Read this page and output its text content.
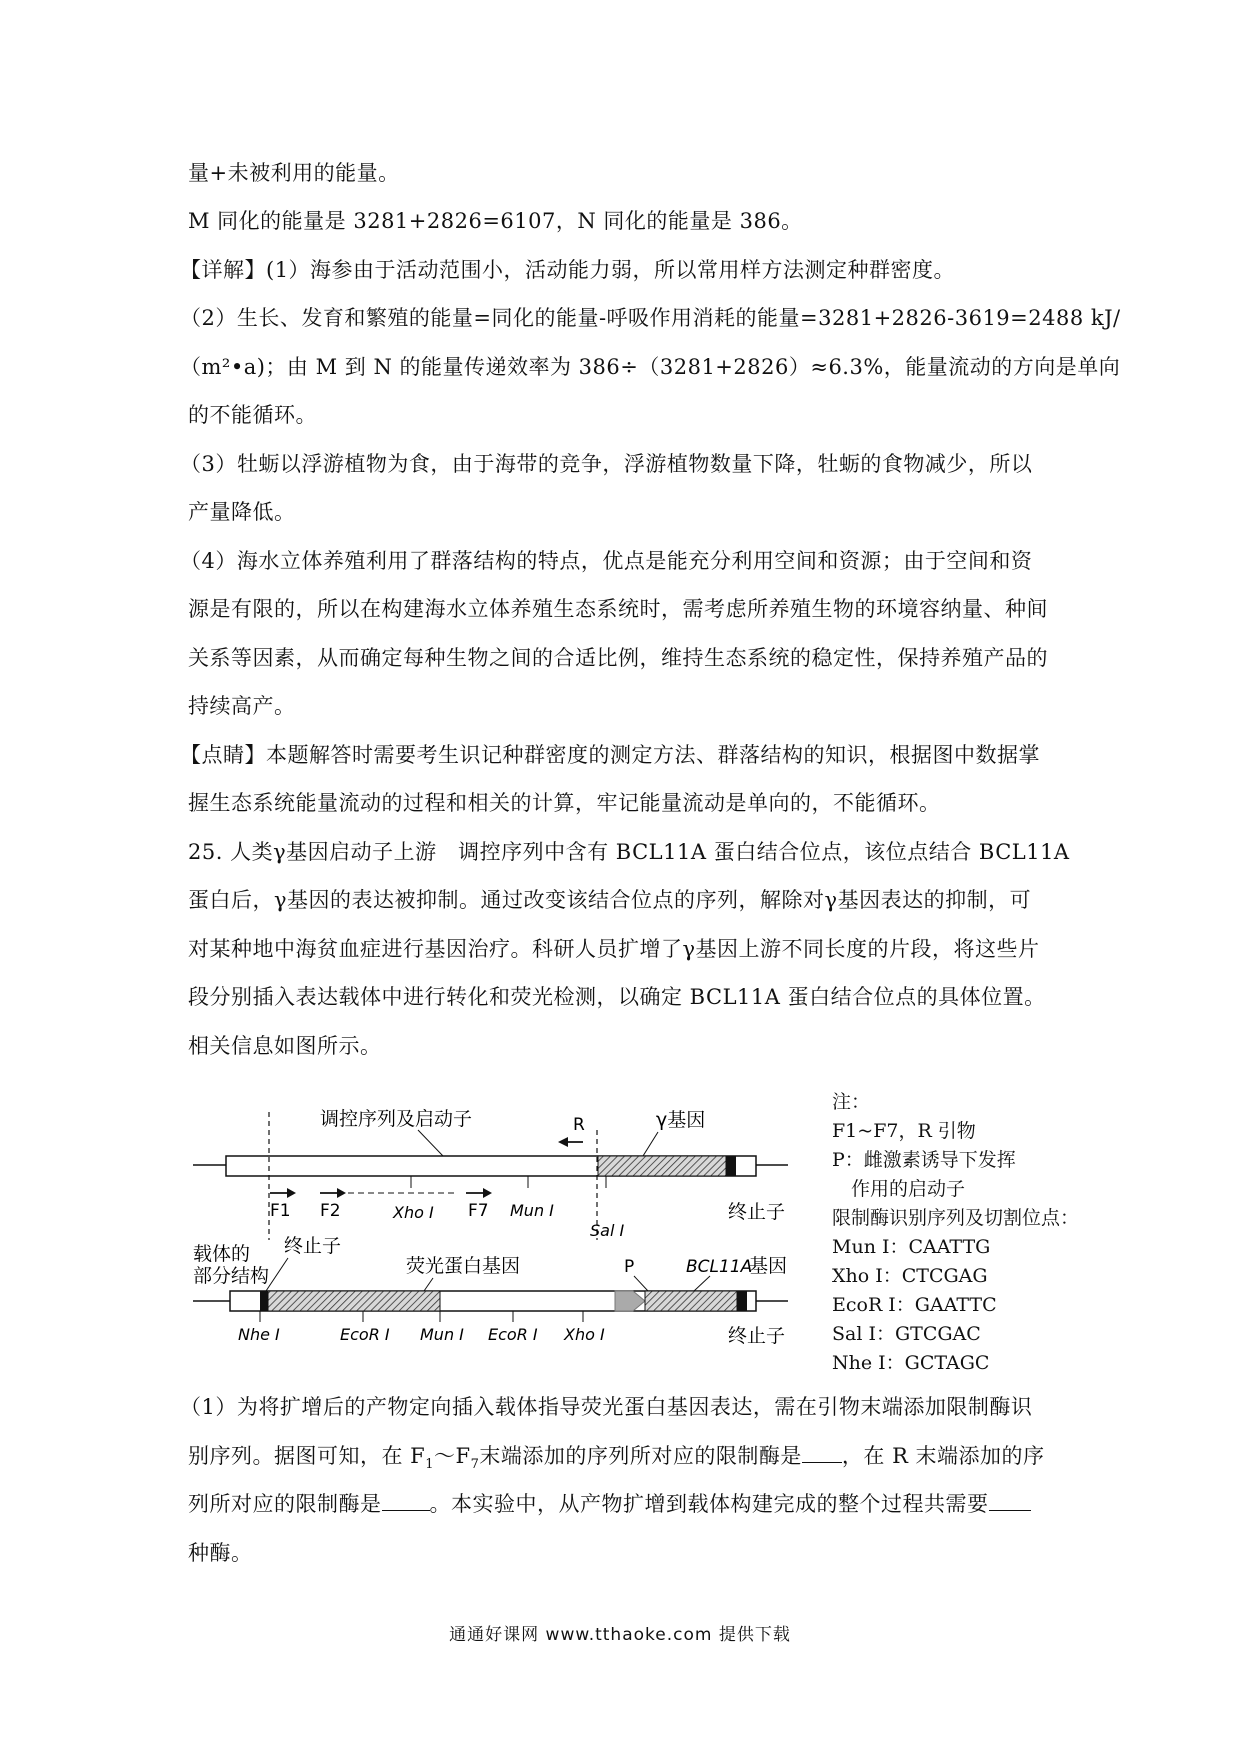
量+未被利用的能量。
M 同化的能量是 3281+2826=6107，N 同化的能量是 386。
【详解】(1）海参由于活动范围小，活动能力弱，所以常用样方法测定种群密度。
（2）生长、发育和繁殖的能量=同化的能量-呼吸作用消耗的能量=3281+2826-3619=2488 kJ/
（m²•a)；由 M 到 N 的能量传递效率为 386÷（3281+2826）≈6.3%，能量流动的方向是单向
的不能循环。
（3）牡蛎以浮游植物为食，由于海带的竞争，浮游植物数量下降，牡蛎的食物减少，所以
产量降低。
（4）海水立体养殖利用了群落结构的特点，优点是能充分利用空间和资源；由于空间和资
源是有限的，所以在构建海水立体养殖生态系统时，需考虑所养殖生物的环境容纳量、种间
关系等因素，从而确定每种生物之间的合适比例，维持生态系统的稳定性，保持养殖产品的
持续高产。
【点睛】本题解答时需要考生识记种群密度的测定方法、群落结构的知识，根据图中数据掌
握生态系统能量流动的过程和相关的计算，牢记能量流动是单向的，不能循环。
25. 人类γ基因启动子上游　调控序列中含有 BCL11A 蛋白结合位点，该位点结合 BCL11A
蛋白后，γ基因的表达被抑制。通过改变该结合位点的序列，解除对γ基因表达的抑制，可
对某种地中海贫血症进行基因治疗。科研人员扩增了γ基因上游不同长度的片段，将这些片
段分别插入表达载体中进行转化和荧光检测，以确定 BCL11A 蛋白结合位点的具体位置。
相关信息如图所示。
调控序列及启动子	γ基因
R
F1 F2	Xho I F7 Mun I
Sal I
终止子
载体的
部分结构
终止子
荧光蛋白基因	P	BCL11A
基因
Nhe I	EcoR I Mun I EcoR I Xho I	终止子
注：
F1~F7，R 引物
P：雌激素诱导下发挥
　作用的启动子
限制酶识别序列及切割位点：
Mun I：CAATTG
Xho I：CTCGAG
EcoR I：GAATTC
Sal I：GTCGAC
Nhe I：GCTAGC
（1）为将扩增后的产物定向插入载体指导荧光蛋白基因表达，需在引物末端添加限制酶识
别序列。据图可知，在 $F_1\sim F_7$末端添加的序列所对应的限制酶是 ，在 R 末端添加的序
列所对应的限制酶是 。本实验中，从产物扩增到载体构建完成的整个过程共需要
种酶。
通通好课网 www.tthaoke.com 提供下载
